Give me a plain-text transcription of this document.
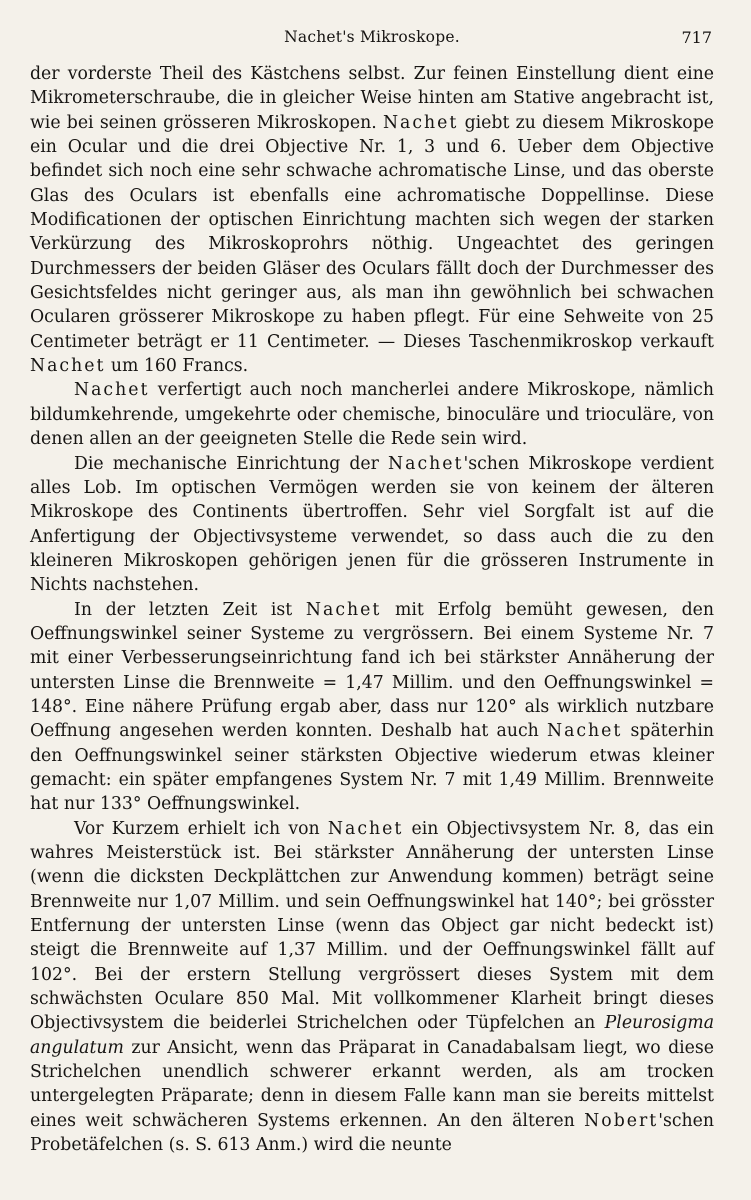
Nachet's Mikroskope.	717

der vorderste Theil des Kästchens selbst. Zur feinen Einstellung dient eine Mikrometerschraube, die in gleicher Weise hinten am Stative angebracht ist, wie bei seinen grösseren Mikroskopen. Nachet giebt zu diesem Mikroskope ein Ocular und die drei Objective Nr. 1, 3 und 6. Ueber dem Objective befindet sich noch eine sehr schwache achromatische Linse, und das oberste Glas des Oculars ist ebenfalls eine achromatische Doppellinse. Diese Modificationen der optischen Einrichtung machten sich wegen der starken Verkürzung des Mikroskoprohrs nöthig. Ungeachtet des geringen Durchmessers der beiden Gläser des Oculars fällt doch der Durchmesser des Gesichtsfeldes nicht geringer aus, als man ihn gewöhnlich bei schwachen Ocularen grösserer Mikroskope zu haben pflegt. Für eine Sehweite von 25 Centimeter beträgt er 11 Centimeter. — Dieses Taschenmikroskop verkauft Nachet um 160 Francs.

Nachet verfertigt auch noch mancherlei andere Mikroskope, nämlich bildumkehrende, umgekehrte oder chemische, binoculäre und trioculäre, von denen allen an der geeigneten Stelle die Rede sein wird.

Die mechanische Einrichtung der Nachet'schen Mikroskope verdient alles Lob. Im optischen Vermögen werden sie von keinem der älteren Mikroskope des Continents übertroffen. Sehr viel Sorgfalt ist auf die Anfertigung der Objectivsysteme verwendet, so dass auch die zu den kleineren Mikroskopen gehörigen jenen für die grösseren Instrumente in Nichts nachstehen.

In der letzten Zeit ist Nachet mit Erfolg bemüht gewesen, den Oeffnungswinkel seiner Systeme zu vergrössern. Bei einem Systeme Nr. 7 mit einer Verbesserungseinrichtung fand ich bei stärkster Annäherung der untersten Linse die Brennweite = 1,47 Millim. und den Oeffnungswinkel = 148°. Eine nähere Prüfung ergab aber, dass nur 120° als wirklich nutzbare Oeffnung angesehen werden konnten. Deshalb hat auch Nachet späterhin den Oeffnungswinkel seiner stärksten Objective wiederum etwas kleiner gemacht: ein später empfangenes System Nr. 7 mit 1,49 Millim. Brennweite hat nur 133° Oeffnungswinkel.

Vor Kurzem erhielt ich von Nachet ein Objectivsystem Nr. 8, das ein wahres Meisterstück ist. Bei stärkster Annäherung der untersten Linse (wenn die dicksten Deckplättchen zur Anwendung kommen) beträgt seine Brennweite nur 1,07 Millim. und sein Oeffnungswinkel hat 140°; bei grösster Entfernung der untersten Linse (wenn das Object gar nicht bedeckt ist) steigt die Brennweite auf 1,37 Millim. und der Oeffnungswinkel fällt auf 102°. Bei der erstern Stellung vergrössert dieses System mit dem schwächsten Oculare 850 Mal. Mit vollkommener Klarheit bringt dieses Objectivsystem die beiderlei Strichelchen oder Tüpfelchen an Pleurosigma angulatum zur Ansicht, wenn das Präparat in Canadabalsam liegt, wo diese Strichelchen unendlich schwerer erkannt werden, als am trocken untergelegten Präparate; denn in diesem Falle kann man sie bereits mittelst eines weit schwächeren Systems erkennen. An den älteren Nobert'schen Probetäfelchen (s. S. 613 Anm.) wird die neunte
